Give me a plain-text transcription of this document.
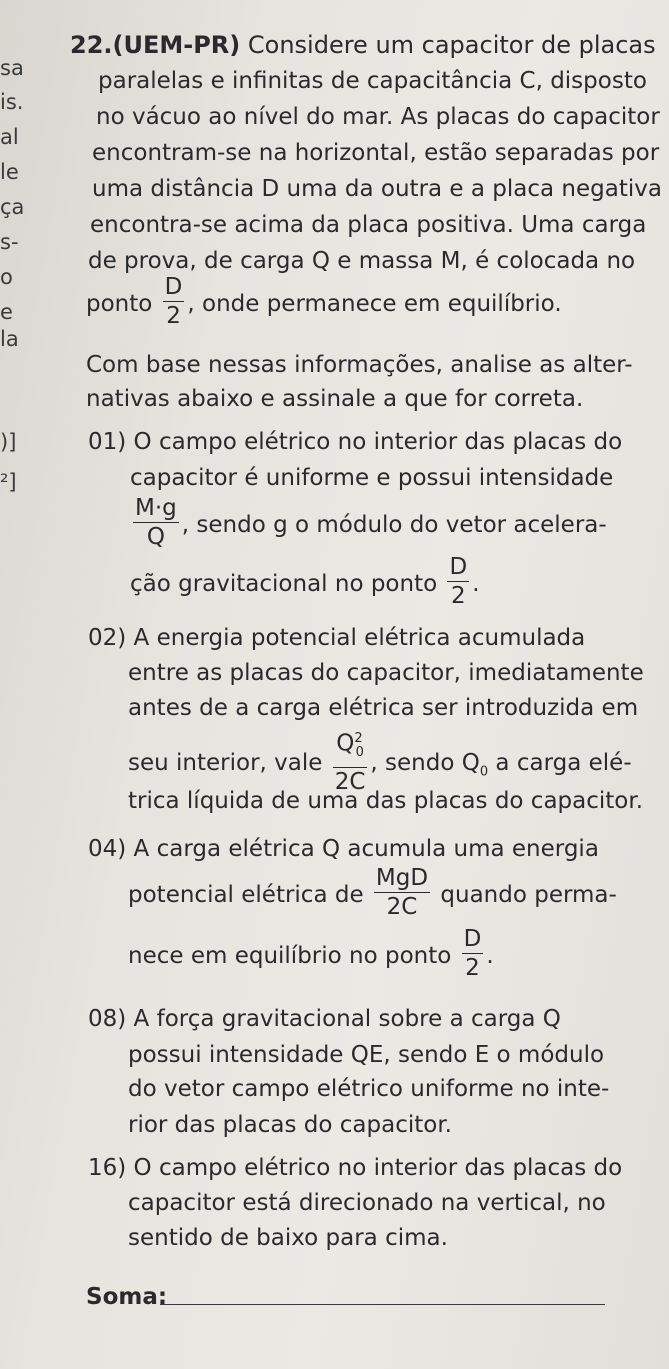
sa
is.
al
le
ça
s-
o
e
la
)]
²]
22.(UEM-PR) Considere um capacitor de placas
paralelas e infinitas de capacitância C, disposto
no vácuo ao nível do mar. As placas do capacitor
encontram-se na horizontal, estão separadas por
uma distância D uma da outra e a placa negativa
encontra-se acima da placa positiva. Uma carga
de prova, de carga Q e massa M, é colocada no
ponto $\frac{D}{2}$ , onde permanece em equilíbrio.
Com base nessas informações, analise as alter-
nativas abaixo e assinale a que for correta.
01) O campo elétrico no interior das placas do
capacitor é uniforme e possui intensidade
$\frac{M\cdot g}{Q}$ , sendo g o módulo do vetor acelera-
ção gravitacional no ponto $\frac{D}{2}$ .
02) A energia potencial elétrica acumulada
entre as placas do capacitor, imediatamente
antes de a carga elétrica ser introduzida em
seu interior, vale $\frac{Q^2_0}{2C}$ , sendo $Q_0$ a carga elé-
trica líquida de uma das placas do capacitor.
04) A carga elétrica Q acumula uma energia
potencial elétrica de $\frac{\text{MgD}}{2C}$ quando perma-
nece em equilíbrio no ponto $\frac{D}{2}$ .
08) A força gravitacional sobre a carga Q
possui intensidade QE, sendo E o módulo
do vetor campo elétrico uniforme no inte-
rior das placas do capacitor.
16) O campo elétrico no interior das placas do
capacitor está direcionado na vertical, no
sentido de baixo para cima.
Soma:
